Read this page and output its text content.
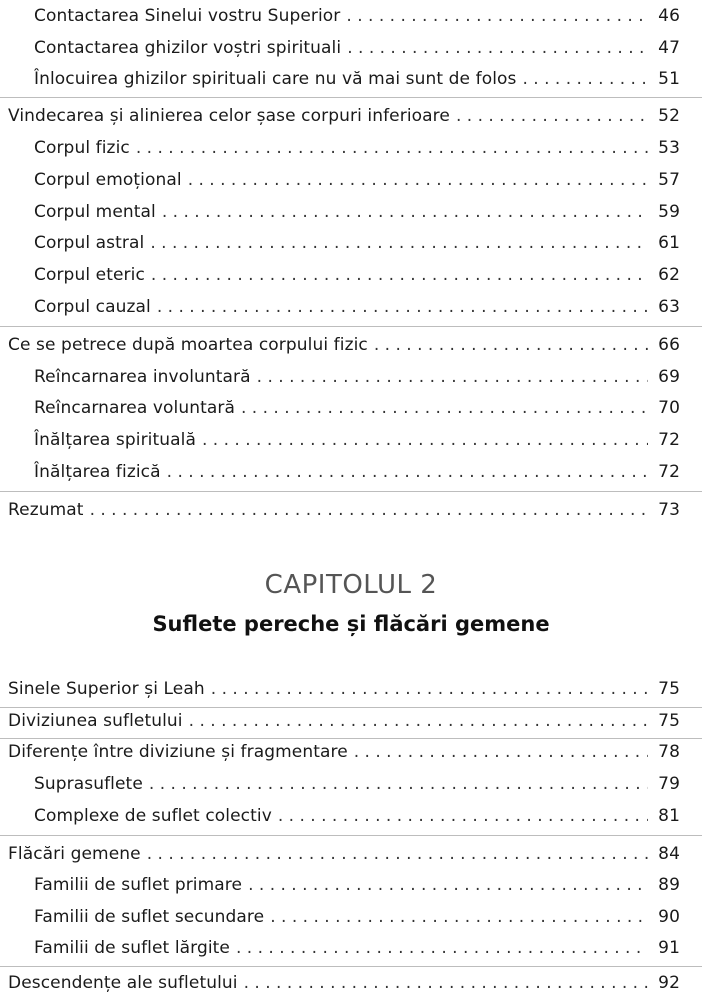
Contactarea Sinelui vostru Superior . . .	46
Contactarea ghizilor voștri spirituali . . .	47
Înlocuirea ghizilor spirituali care nu vă mai sunt de folos . . .	51
Vindecarea și alinierea celor șase corpuri inferioare . . .	52
Corpul fizic . . .	53
Corpul emoțional . . .	57
Corpul mental . . .	59
Corpul astral . . .	61
Corpul eteric . . .	62
Corpul cauzal . . .	63
Ce se petrece după moartea corpului fizic . . .	66
Reîncarnarea involuntară . . .	69
Reîncarnarea voluntară . . .	70
Înălțarea spirituală . . .	72
Înălțarea fizică . . .	72
Rezumat . . .	73
CAPITOLUL 2
Suflete pereche și flăcări gemene
Sinele Superior și Leah . . .	75
Diviziunea sufletului . . .	75
Diferențe între diviziune și fragmentare . . .	78
Suprasuflete . . .	79
Complexe de suflet colectiv . . .	81
Flăcări gemene . . .	84
Familii de suflet primare . . .	89
Familii de suflet secundare . . .	90
Familii de suflet lărgite . . .	91
Descendențe ale sufletului . . .	92
